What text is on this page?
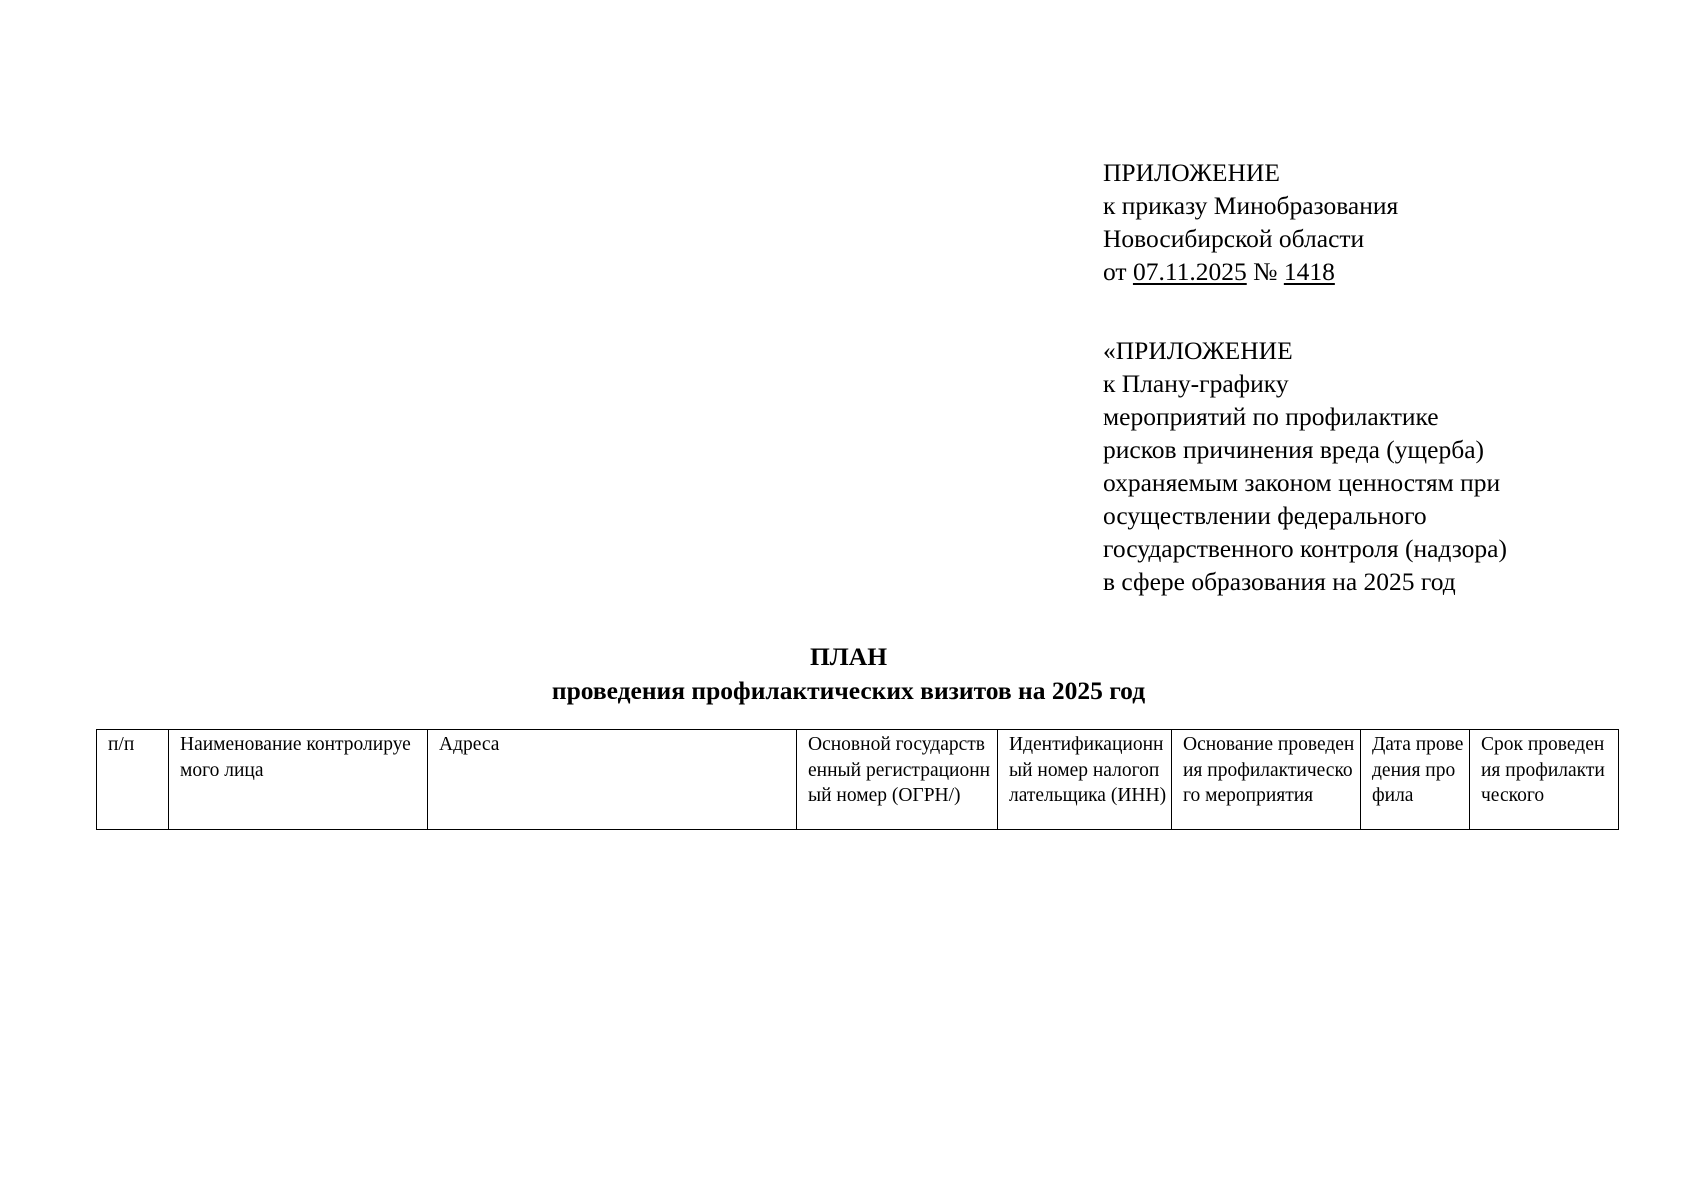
ПРИЛОЖЕНИЕ
к приказу Минобразования
Новосибирской области
от 07.11.2025 № 1418
«ПРИЛОЖЕНИЕ
к Плану-графику
мероприятий по профилактике
рисков причинения вреда (ущерба)
охраняемым законом ценностям при
осуществлении федерального
государственного контроля (надзора)
в сфере образования на 2025 год
ПЛАН
проведения профилактических визитов на 2025 год
п/п	Наименование контролируемого лица	Адреса	Основной государственный регистрационный номер (ОГРН/)	Идентификационный номер налогоплательщика (ИНН)	Основание проведения профилактического мероприятия	Дата проведения профила	Срок проведения профилактического
